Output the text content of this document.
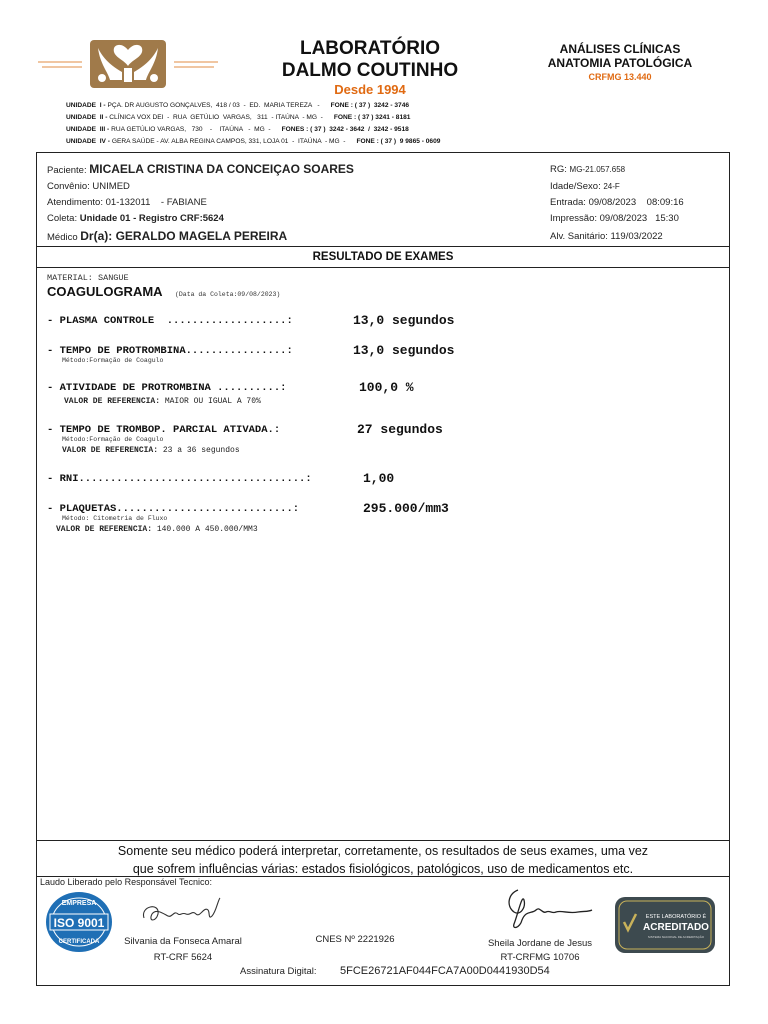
LABORATÓRIO
DALMO COUTINHO
Desde 1994
ANÁLISES CLÍNICAS
ANATOMIA PATOLÓGICA
CRFMG 13.440
UNIDADE  I - PÇA. DR AUGUSTO GONÇALVES,  418 / 03  -  ED.  MARIA TEREZA   - FONE : ( 37 )  3242 - 3746
UNIDADE  II - CLÍNICA VOX DEI  -  RUA  GETÚLIO  VARGAS,   311  - ITAÚNA  - MG  - FONE : ( 37 ) 3241 - 8181
UNIDADE  III - RUA GETÚLIO VARGAS,   730    -    ITAÚNA   -  MG  - FONES : ( 37 )  3242 - 3642  /  3242 - 9518
UNIDADE  IV - GERA SAÚDE - AV. ALBA REGINA CAMPOS, 331, LOJA 01  -  ITAÚNA  - MG  - FONE : ( 37 )  9 9865 - 0609
Paciente: MICAELA CRISTINA DA CONCEIÇAO SOARES
Convênio: UNIMED
Atendimento: 01-132011    - FABIANE
Coleta: Unidade 01 - Registro CRF:5624
Médico Dr(a): GERALDO MAGELA PEREIRA
RG: MG-21.057.658
Idade/Sexo: 24-F
Entrada: 09/08/2023    08:09:16
Impressão: 09/08/2023   15:30
Alv. Sanitário: 119/03/2022
RESULTADO DE EXAMES
MATERIAL: SANGUE
COAGULOGRAMA (Data da Coleta:09/08/2023)
- PLASMA CONTROLE  ...................:	13,0 segundos
- TEMPO DE PROTROMBINA................:	13,0 segundos
Método:Formação de Coagulo
- ATIVIDADE DE PROTROMBINA ..........:	100,0 %
VALOR DE REFERENCIA: MAIOR OU IGUAL A 70%
- TEMPO DE TROMBOP. PARCIAL ATIVADA.:	27 segundos
Método:Formação de Coagulo
VALOR DE REFERENCIA: 23 a 36 segundos
- RNI....................................:	1,00
- PLAQUETAS............................:	295.000/mm3
Método: Citometria de Fluxo
VALOR DE REFERENCIA: 140.000 A 450.000/MM3
Somente seu médico poderá interpretar, corretamente, os resultados de seus exames, uma vez
que sofrem influências várias: estados fisiológicos, patológicos, uso de medicamentos etc.
Laudo Liberado pelo Responsável Tecnico:
EMPRESA
ISO 9001
CERTIFICADA	Silvania da Fonseca Amaral
RT-CRF 5624
CNES Nº 2221926	Sheila Jordane de Jesus
RT-CRFMG 10706
ESTE LABORATÓRIO É
ACREDITADO
SISTEMA NACIONAL DE ACREDITAÇÃO
Assinatura Digital: 5FCE26721AF044FCA7A00D0441930D54
